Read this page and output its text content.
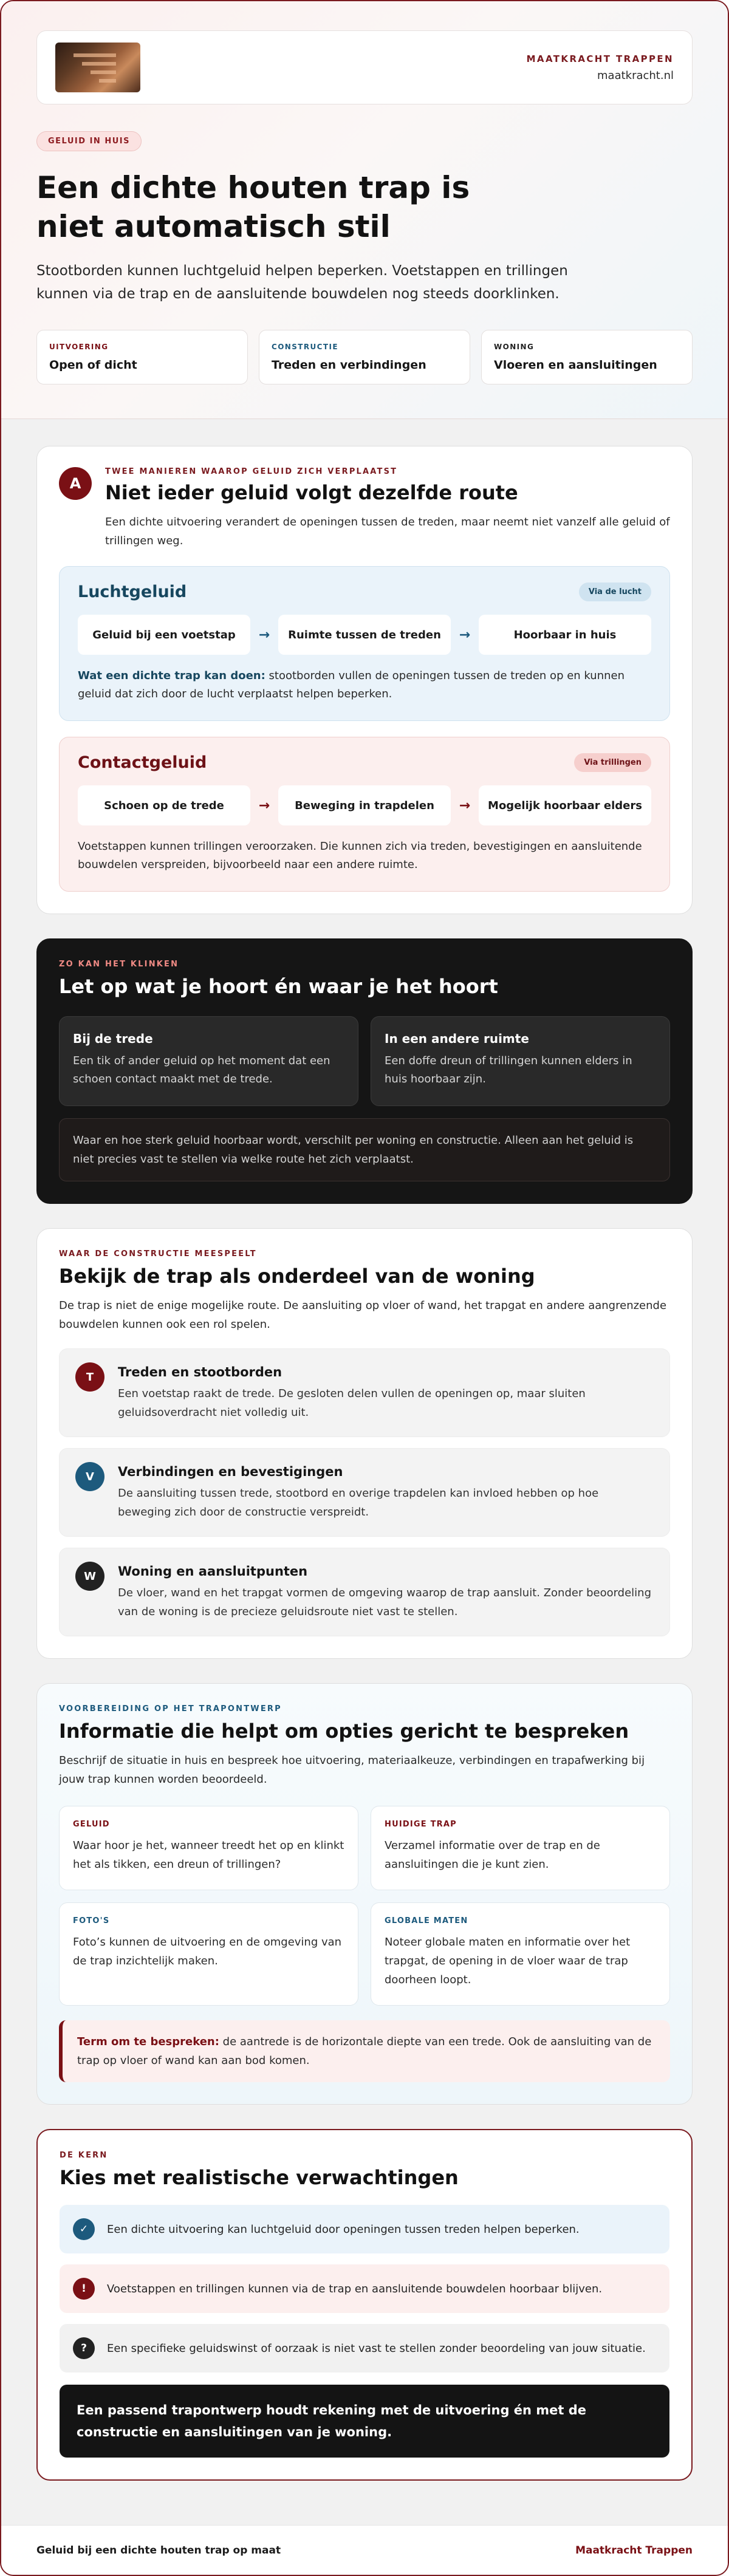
MAATKRACHT TRAPPEN
maatkracht.nl
GELUID IN HUIS
Een dichte houten trap is niet automatisch stil

Stootborden kunnen luchtgeluid helpen beperken. Voetstappen en trillingen kunnen via de trap en de aansluitende bouwdelen nog steeds doorklinken.

UITVOERING
Open of dicht
CONSTRUCTIE
Treden en verbindingen
WONING
Vloeren en aansluitingen
A
TWEE MANIEREN WAAROP GELUID ZICH VERPLAATST
Niet ieder geluid volgt dezelfde route

Een dichte uitvoering verandert de openingen tussen de treden, maar neemt niet vanzelf alle geluid of trillingen weg.

Luchtgeluid	Via de lucht
Geluid bij een voetstap	→	Ruimte tussen de treden	→	Hoorbaar in huis

Wat een dichte trap kan doen: stootborden vullen de openingen tussen de treden op en kunnen geluid dat zich door de lucht verplaatst helpen beperken.

Contactgeluid	Via trillingen
Schoen op de trede	→	Beweging in trapdelen	→	Mogelijk hoorbaar elders

Voetstappen kunnen trillingen veroorzaken. Die kunnen zich via treden, bevestigingen en aansluitende bouwdelen verspreiden, bijvoorbeeld naar een andere ruimte.

ZO KAN HET KLINKEN
Let op wat je hoort én waar je het hoort
Bij de trede
Een tik of ander geluid op het moment dat een schoen contact maakt met de trede.
In een andere ruimte
Een doffe dreun of trillingen kunnen elders in huis hoorbaar zijn.
Waar en hoe sterk geluid hoorbaar wordt, verschilt per woning en constructie. Alleen aan het geluid is niet precies vast te stellen via welke route het zich verplaatst.
WAAR DE CONSTRUCTIE MEESPEELT
Bekijk de trap als onderdeel van de woning

De trap is niet de enige mogelijke route. De aansluiting op vloer of wand, het trapgat en andere aangrenzende bouwdelen kunnen ook een rol spelen.

T	Treden en stootborden
Een voetstap raakt de trede. De gesloten delen vullen de openingen op, maar sluiten geluidsoverdracht niet volledig uit.
V	Verbindingen en bevestigingen
De aansluiting tussen trede, stootbord en overige trapdelen kan invloed hebben op hoe beweging zich door de constructie verspreidt.
W	Woning en aansluitpunten
De vloer, wand en het trapgat vormen de omgeving waarop de trap aansluit. Zonder beoordeling van de woning is de precieze geluidsroute niet vast te stellen.
VOORBEREIDING OP HET TRAPONTWERP
Informatie die helpt om opties gericht te bespreken

Beschrijf de situatie in huis en bespreek hoe uitvoering, materiaalkeuze, verbindingen en trapafwerking bij jouw trap kunnen worden beoordeeld.

GELUID
Waar hoor je het, wanneer treedt het op en klinkt het als tikken, een dreun of trillingen?
HUIDIGE TRAP
Verzamel informatie over de trap en de aansluitingen die je kunt zien.
FOTO'S
Foto’s kunnen de uitvoering en de omgeving van de trap inzichtelijk maken.
GLOBALE MATEN
Noteer globale maten en informatie over het trapgat, de opening in de vloer waar de trap doorheen loopt.
Term om te bespreken: de aantrede is de horizontale diepte van een trede. Ook de aansluiting van de trap op vloer of wand kan aan bod komen.
DE KERN
Kies met realistische verwachtingen
✓	Een dichte uitvoering kan luchtgeluid door openingen tussen treden helpen beperken.
!	Voetstappen en trillingen kunnen via de trap en aansluitende bouwdelen hoorbaar blijven.
?	Een specifieke geluidswinst of oorzaak is niet vast te stellen zonder beoordeling van jouw situatie.
Een passend trapontwerp houdt rekening met de uitvoering én met de constructie en aansluitingen van je woning.
Geluid bij een dichte houten trap op maat	Maatkracht Trappen
